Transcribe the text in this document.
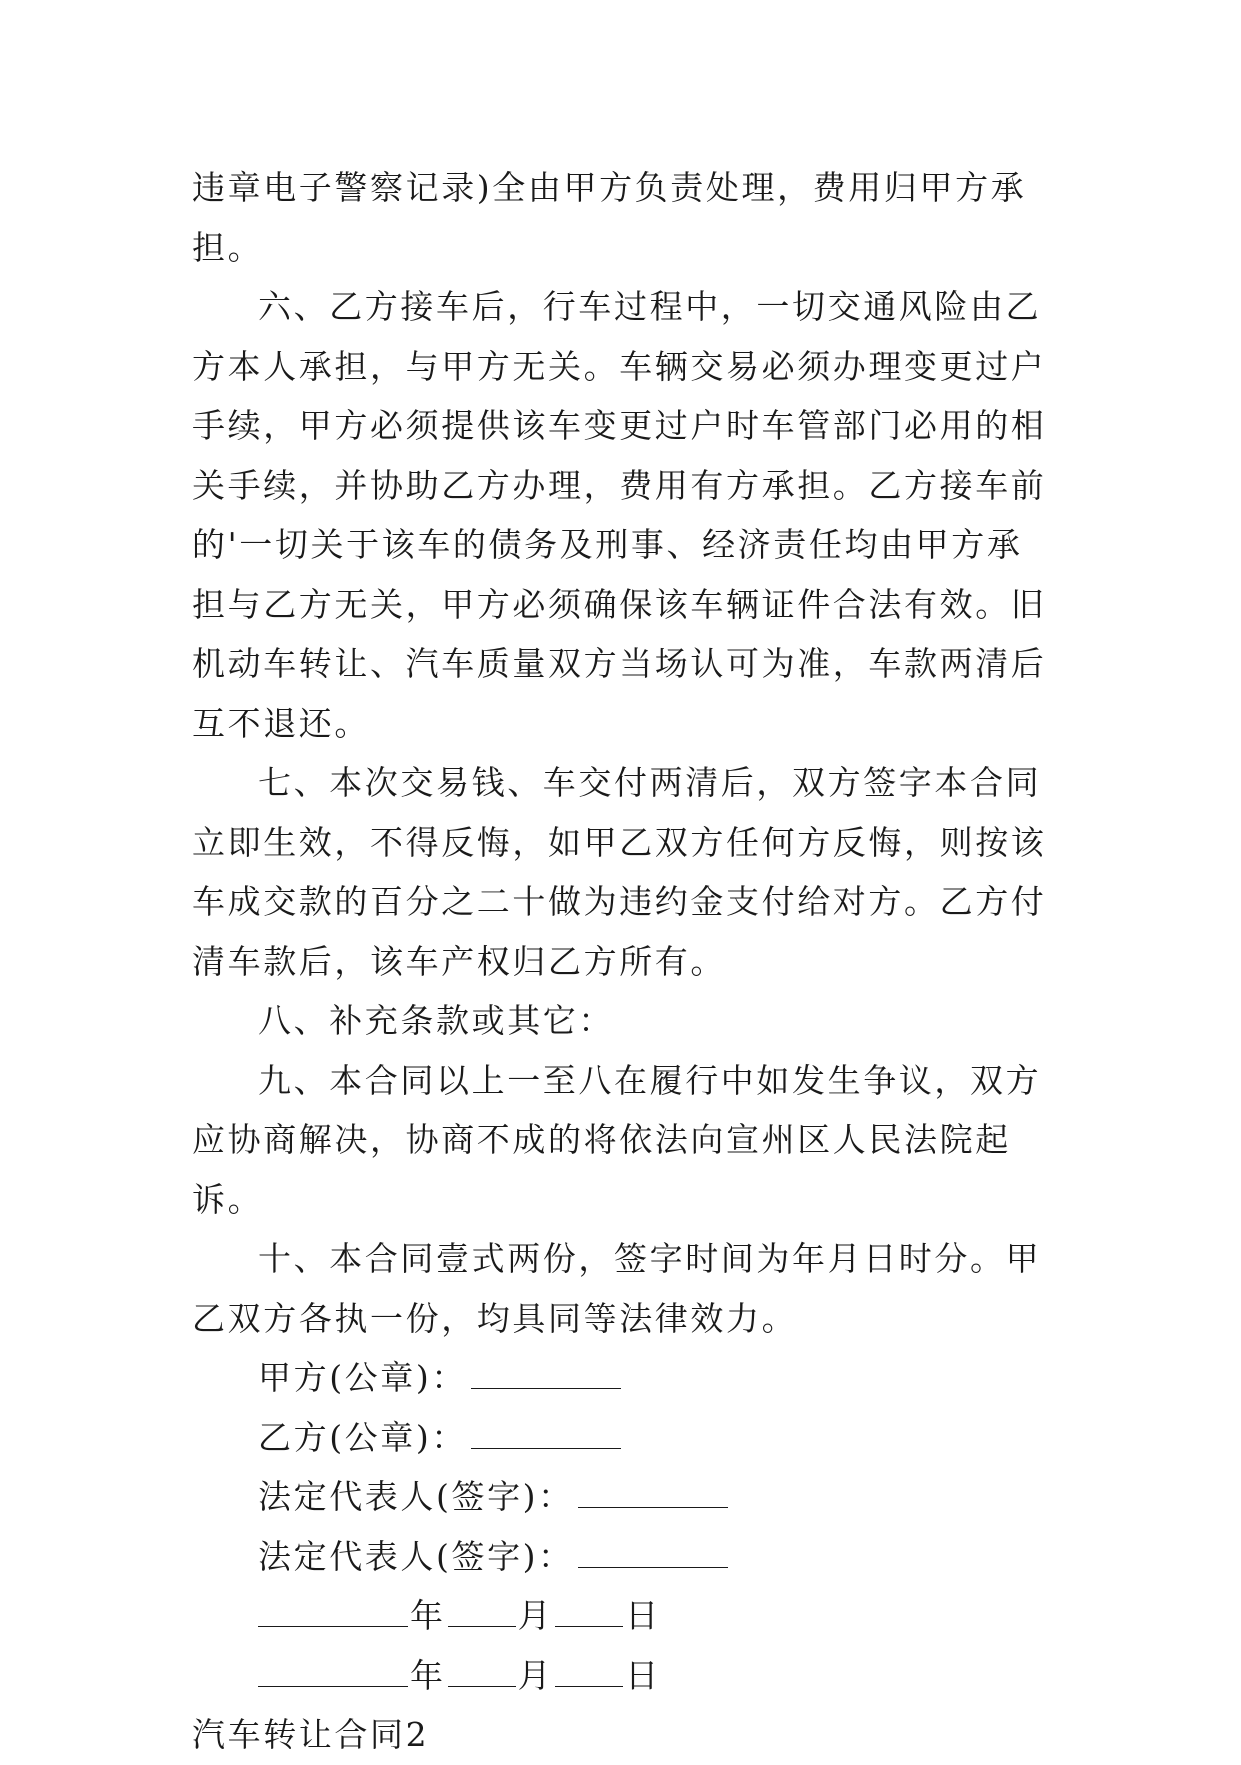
违章电子警察记录)全由甲方负责处理，费用归甲方承担。

六、乙方接车后，行车过程中，一切交通风险由乙方本人承担，与甲方无关。车辆交易必须办理变更过户手续，甲方必须提供该车变更过户时车管部门必用的相关手续，并协助乙方办理，费用有方承担。乙方接车前的'一切关于该车的债务及刑事、经济责任均由甲方承担与乙方无关，甲方必须确保该车辆证件合法有效。旧机动车转让、汽车质量双方当场认可为准，车款两清后互不退还。

七、本次交易钱、车交付两清后，双方签字本合同立即生效，不得反悔，如甲乙双方任何方反悔，则按该车成交款的百分之二十做为违约金支付给对方。乙方付清车款后，该车产权归乙方所有。

八、补充条款或其它：

九、本合同以上一至八在履行中如发生争议，双方应协商解决，协商不成的将依法向宣州区人民法院起诉。

十、本合同壹式两份，签字时间为年月日时分。甲乙双方各执一份，均具同等法律效力。

甲方(公章)：

乙方(公章)：

法定代表人(签字)：

法定代表人(签字)：

年 月 日

年 月 日

汽车转让合同2
